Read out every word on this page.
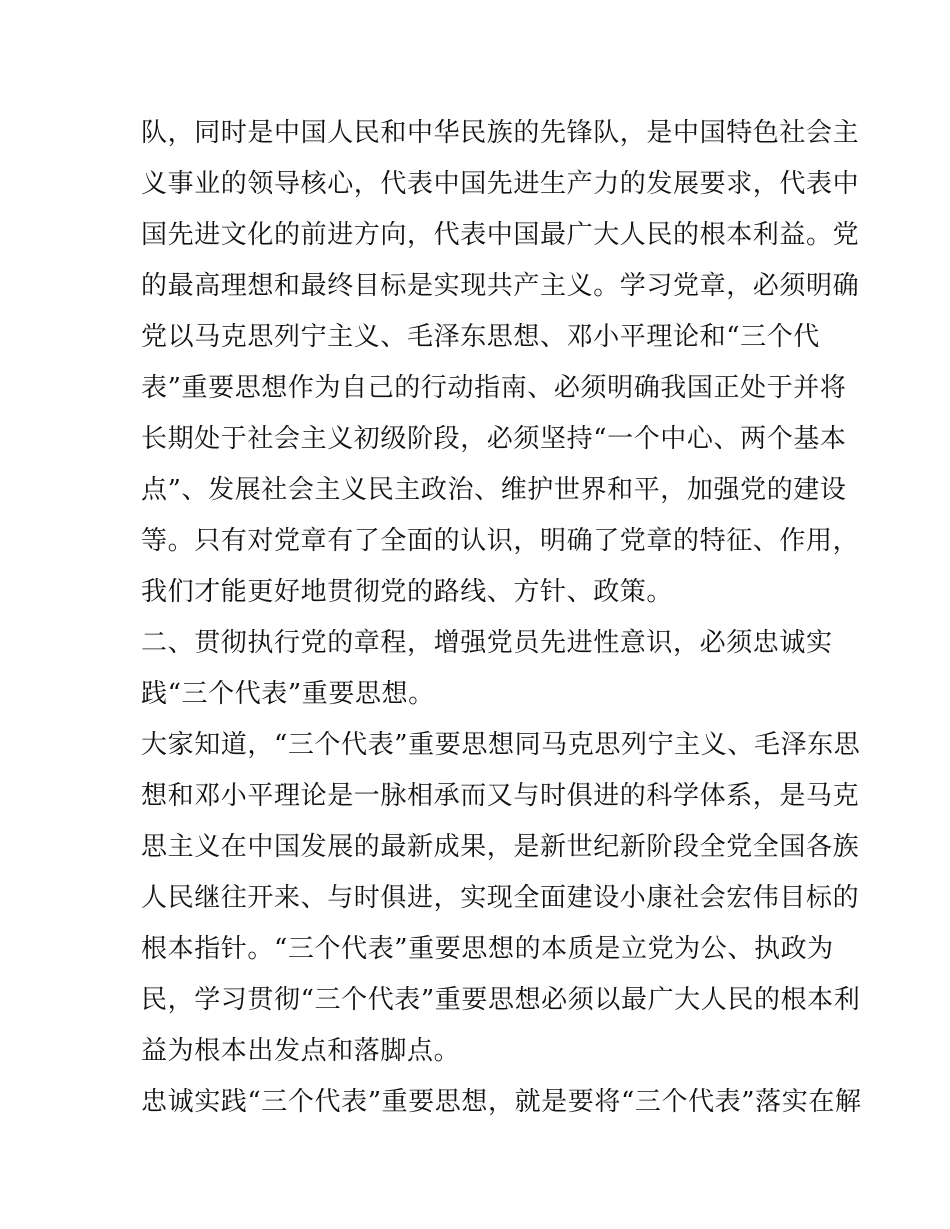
队，同时是中国人民和中华民族的先锋队，是中国特色社会主
义事业的领导核心，代表中国先进生产力的发展要求，代表中
国先进文化的前进方向，代表中国最广大人民的根本利益。党
的最高理想和最终目标是实现共产主义。学习党章，必须明确
党以马克思列宁主义、毛泽东思想、邓小平理论和“三个代
表”重要思想作为自己的行动指南、必须明确我国正处于并将
长期处于社会主义初级阶段，必须坚持“一个中心、两个基本
点”、发展社会主义民主政治、维护世界和平，加强党的建设
等。只有对党章有了全面的认识，明确了党章的特征、作用，
我们才能更好地贯彻党的路线、方针、政策。
二、贯彻执行党的章程，增强党员先进性意识，必须忠诚实
践“三个代表”重要思想。
大家知道，“三个代表”重要思想同马克思列宁主义、毛泽东思
想和邓小平理论是一脉相承而又与时俱进的科学体系，是马克
思主义在中国发展的最新成果，是新世纪新阶段全党全国各族
人民继往开来、与时俱进，实现全面建设小康社会宏伟目标的
根本指针。“三个代表”重要思想的本质是立党为公、执政为
民，学习贯彻“三个代表”重要思想必须以最广大人民的根本利
益为根本出发点和落脚点。
忠诚实践“三个代表”重要思想，就是要将“三个代表”落实在解
